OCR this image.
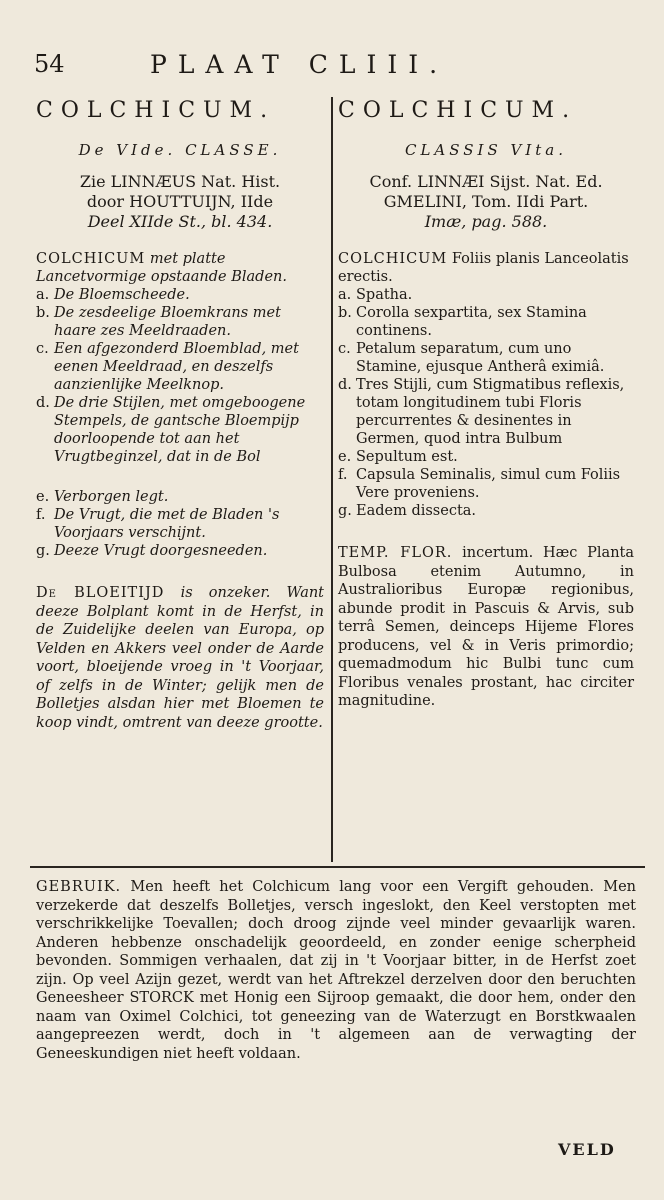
54	PLAAT CLIII.

COLCHICUM.

De VIde. CLASSE.

Zie LINNÆUS Nat. Hist.

door HOUTTUIJN, IIde

Deel XIIde St., bl. 434.

COLCHICUM met platte Lancetvormige opstaande Bladen.

a. De Bloemscheede.
b. De zesdeelige Bloemkrans met haare zes Meeldraaden.
c. Een afgezonderd Bloemblad, met eenen Meeldraad, en deszelfs aanzienlijke Meelknop.
d. De drie Stijlen, met omgeboogene Stempels, de gantsche Bloempijp doorloopende tot aan het Vrugtbeginzel, dat in de Bol
e. Verborgen legt.
f. De Vrugt, die met de Bladen 's Voorjaars verschijnt.
g. Deeze Vrugt doorgesneeden.

De BLOEITIJD is onzeker. Want deeze Bolplant komt in de Herfst, in de Zuidelijke deelen van Europa, op Velden en Akkers veel onder de Aarde voort, bloeijende vroeg in 't Voorjaar, of zelfs in de Winter; gelijk men de Bolletjes alsdan hier met Bloemen te koop vindt, omtrent van deeze grootte.

COLCHICUM.

CLASSIS VIta.

Conf. LINNÆI Sijst. Nat. Ed.

GMELINI, Tom. IIdi Part.

Imæ, pag. 588.

COLCHICUM Foliis planis Lanceolatis erectis.

a. Spatha.
b. Corolla sexpartita, sex Stamina continens.
c. Petalum separatum, cum uno Stamine, ejusque Antherâ eximiâ.
d. Tres Stijli, cum Stigmatibus reflexis, totam longitudinem tubi Floris percurrentes & desinentes in Germen, quod intra Bulbum
e. Sepultum est.
f. Capsula Seminalis, simul cum Foliis Vere proveniens.
g. Eadem dissecta.

TEMP. FLOR. incertum. Hæc Planta Bulbosa etenim Autumno, in Australioribus Europæ regionibus, abunde prodit in Pascuis & Arvis, sub terrâ Semen, deinceps Hijeme Flores producens, vel & in Veris primordio; quemadmodum hic Bulbi tunc cum Floribus venales prostant, hac circiter magnitudine.

GEBRUIK. Men heeft het Colchicum lang voor een Vergift gehouden. Men verzekerde dat deszelfs Bolletjes, versch ingeslokt, den Keel verstopten met verschrikkelijke Toevallen; doch droog zijnde veel minder gevaarlijk waren. Anderen hebbenze onschadelijk geoordeeld, en zonder eenige scherpheid bevonden. Sommigen verhaalen, dat zij in 't Voorjaar bitter, in de Herfst zoet zijn. Op veel Azijn gezet, werdt van het Aftrekzel derzelven door den beruchten Geneesheer STORCK met Honig een Sijroop gemaakt, die door hem, onder den naam van Oximel Colchici, tot geneezing van de Waterzugt en Borstkwaalen aangepreezen werdt, doch in 't algemeen aan de verwagting der Geneeskundigen niet heeft voldaan.

VELD
